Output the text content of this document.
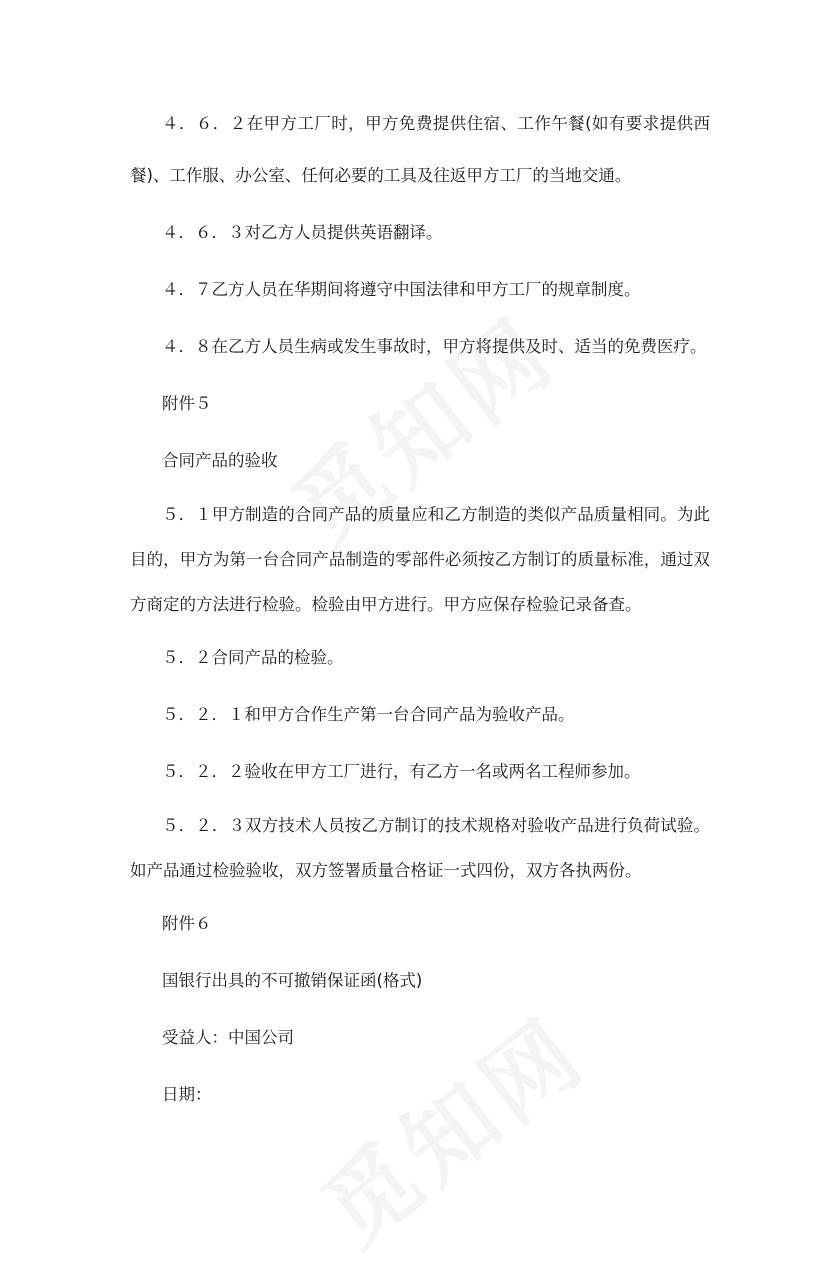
４．６．２在甲方工厂时，甲方免费提供住宿、工作午餐(如有要求提供西餐)、工作服、办公室、任何必要的工具及往返甲方工厂的当地交通。

４．６．３对乙方人员提供英语翻译。

４．７乙方人员在华期间将遵守中国法律和甲方工厂的规章制度。

４．８在乙方人员生病或发生事故时，甲方将提供及时、适当的免费医疗。

附件５

合同产品的验收

５．１甲方制造的合同产品的质量应和乙方制造的类似产品质量相同。为此目的，甲方为第一台合同产品制造的零部件必须按乙方制订的质量标准，通过双方商定的方法进行检验。检验由甲方进行。甲方应保存检验记录备查。

５．２合同产品的检验。

５．２．１和甲方合作生产第一台合同产品为验收产品。

５．２．２验收在甲方工厂进行，有乙方一名或两名工程师参加。

５．２．３双方技术人员按乙方制订的技术规格对验收产品进行负荷试验。如产品通过检验验收，双方签署质量合格证一式四份，双方各执两份。

附件６

国银行出具的不可撤销保证函(格式)

受益人：中国公司

日期：
